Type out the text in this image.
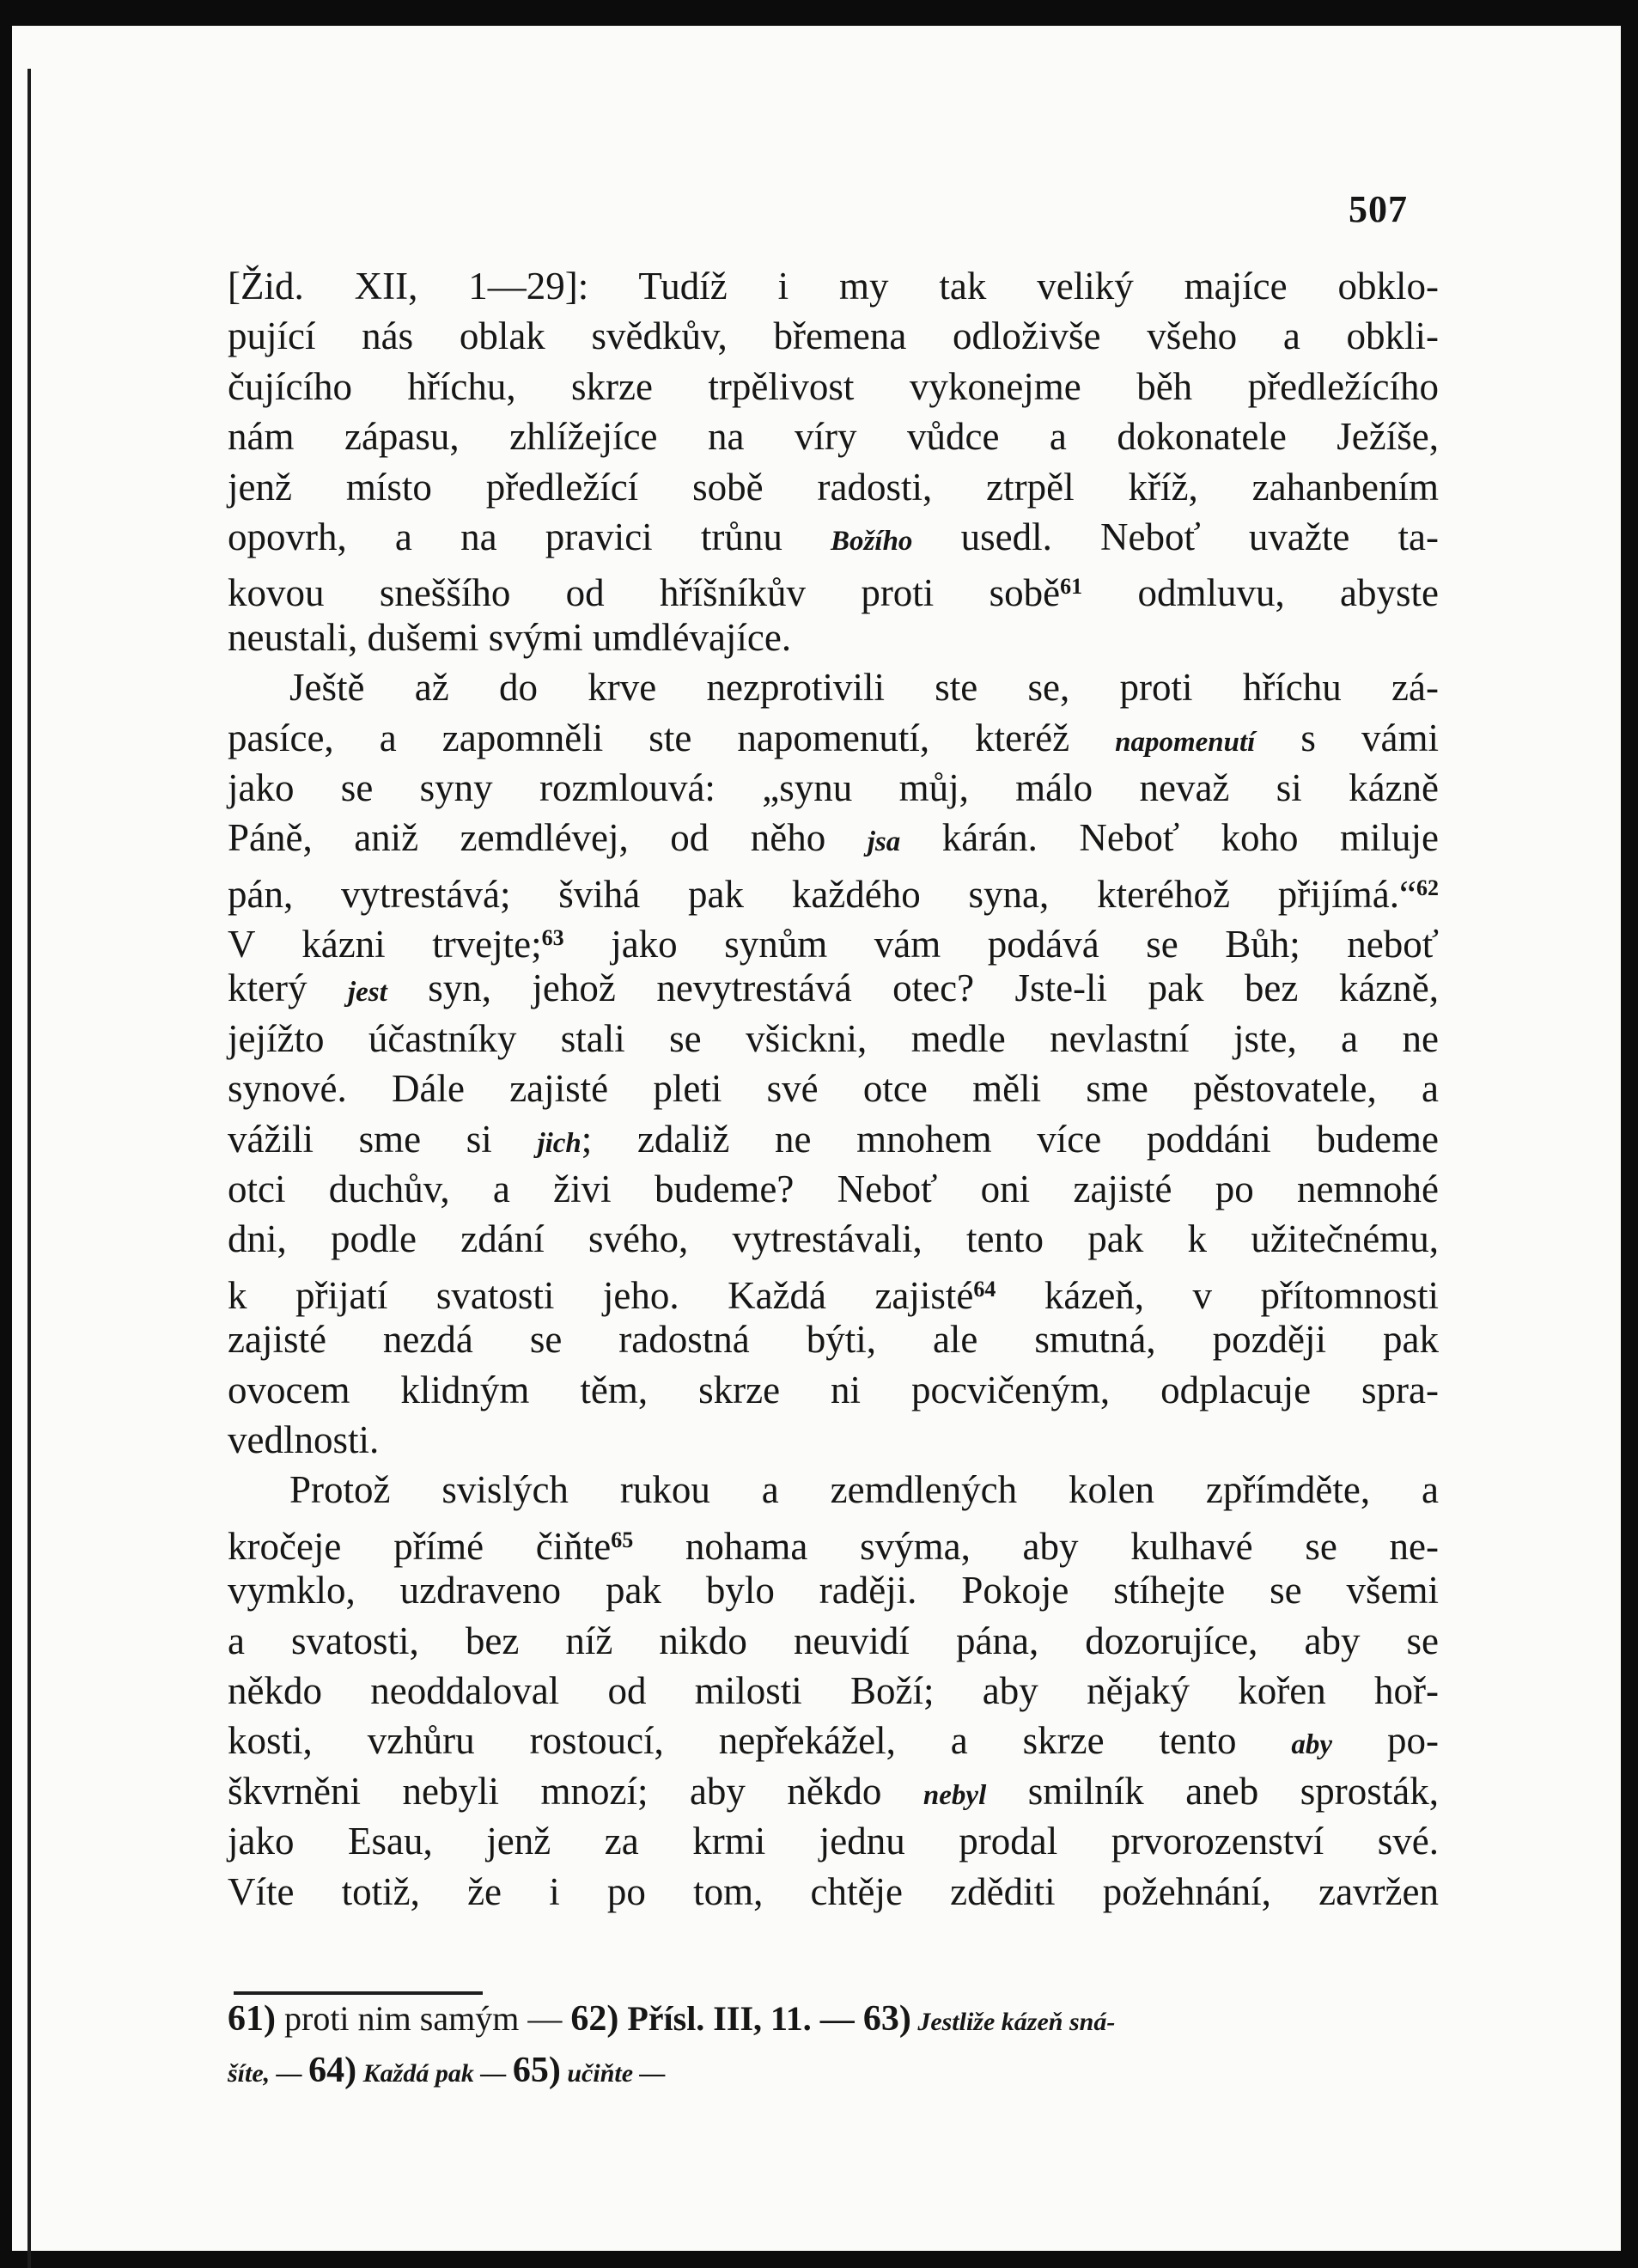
507
[Žid. XII, 1—29]: Tudíž i my tak veliký majíce obklo-
pující nás oblak svědkův, břemena odloživše všeho a obkli-
čujícího hříchu, skrze trpělivost vykonejme běh předležícího
nám zápasu, zhlížejíce na víry vůdce a dokonatele Ježíše,
jenž místo předležící sobě radosti, ztrpěl kříž, zahanbením
opovrh, a na pravici trůnu Božího usedl. Neboť uvažte ta-
kovou sneššího od hříšníkův proti sobě$^{61}$ odmluvu, abyste
neustali, dušemi svými umdlévajíce.
Ještě až do krve nezprotivili ste se, proti hříchu zá-
pasíce, a zapomněli ste napomenutí, kteréž napomenutí s vámi
jako se syny rozmlouvá: „synu můj, málo nevaž si kázně
Páně, aniž zemdlévej, od něho jsa kárán. Neboť koho miluje
pán, vytrestává; švihá pak každého syna, kteréhož přijímá.“$^{62}$
V kázni trvejte;$^{63}$ jako synům vám podává se Bůh; neboť
který jest syn, jehož nevytrestává otec? Jste-li pak bez kázně,
jejížto účastníky stali se všickni, medle nevlastní jste, a ne
synové. Dále zajisté pleti své otce měli sme pěstovatele, a
vážili sme si jich; zdaliž ne mnohem více poddáni budeme
otci duchův, a živi budeme? Neboť oni zajisté po nemnohé
dni, podle zdání svého, vytrestávali, tento pak k užitečnému,
k přijatí svatosti jeho. Každá zajisté$^{64}$ kázeň, v přítomnosti
zajisté nezdá se radostná býti, ale smutná, později pak
ovocem klidným těm, skrze ni pocvičeným, odplacuje spra-
vedlnosti.
Protož svislých rukou a zemdlených kolen zpřímděte, a
kročeje přímé čiňte$^{65}$ nohama svýma, aby kulhavé se ne-
vymklo, uzdraveno pak bylo raději. Pokoje stíhejte se všemi
a svatosti, bez níž nikdo neuvidí pána, dozorujíce, aby se
někdo neoddaloval od milosti Boží; aby nějaký kořen hoř-
kosti, vzhůru rostoucí, nepřekážel, a skrze tento aby po-
škvrněni nebyli mnozí; aby někdo nebyl smilník aneb sprosták,
jako Esau, jenž za krmi jednu prodal prvorozenství své.
Víte totiž, že i po tom, chtěje zděditi požehnání, zavržen
61) proti nim samým — 62) Přísl. III, 11. — 63) Jestliže kázeň sná-
šíte, — 64) Každá pak — 65) učiňte —
